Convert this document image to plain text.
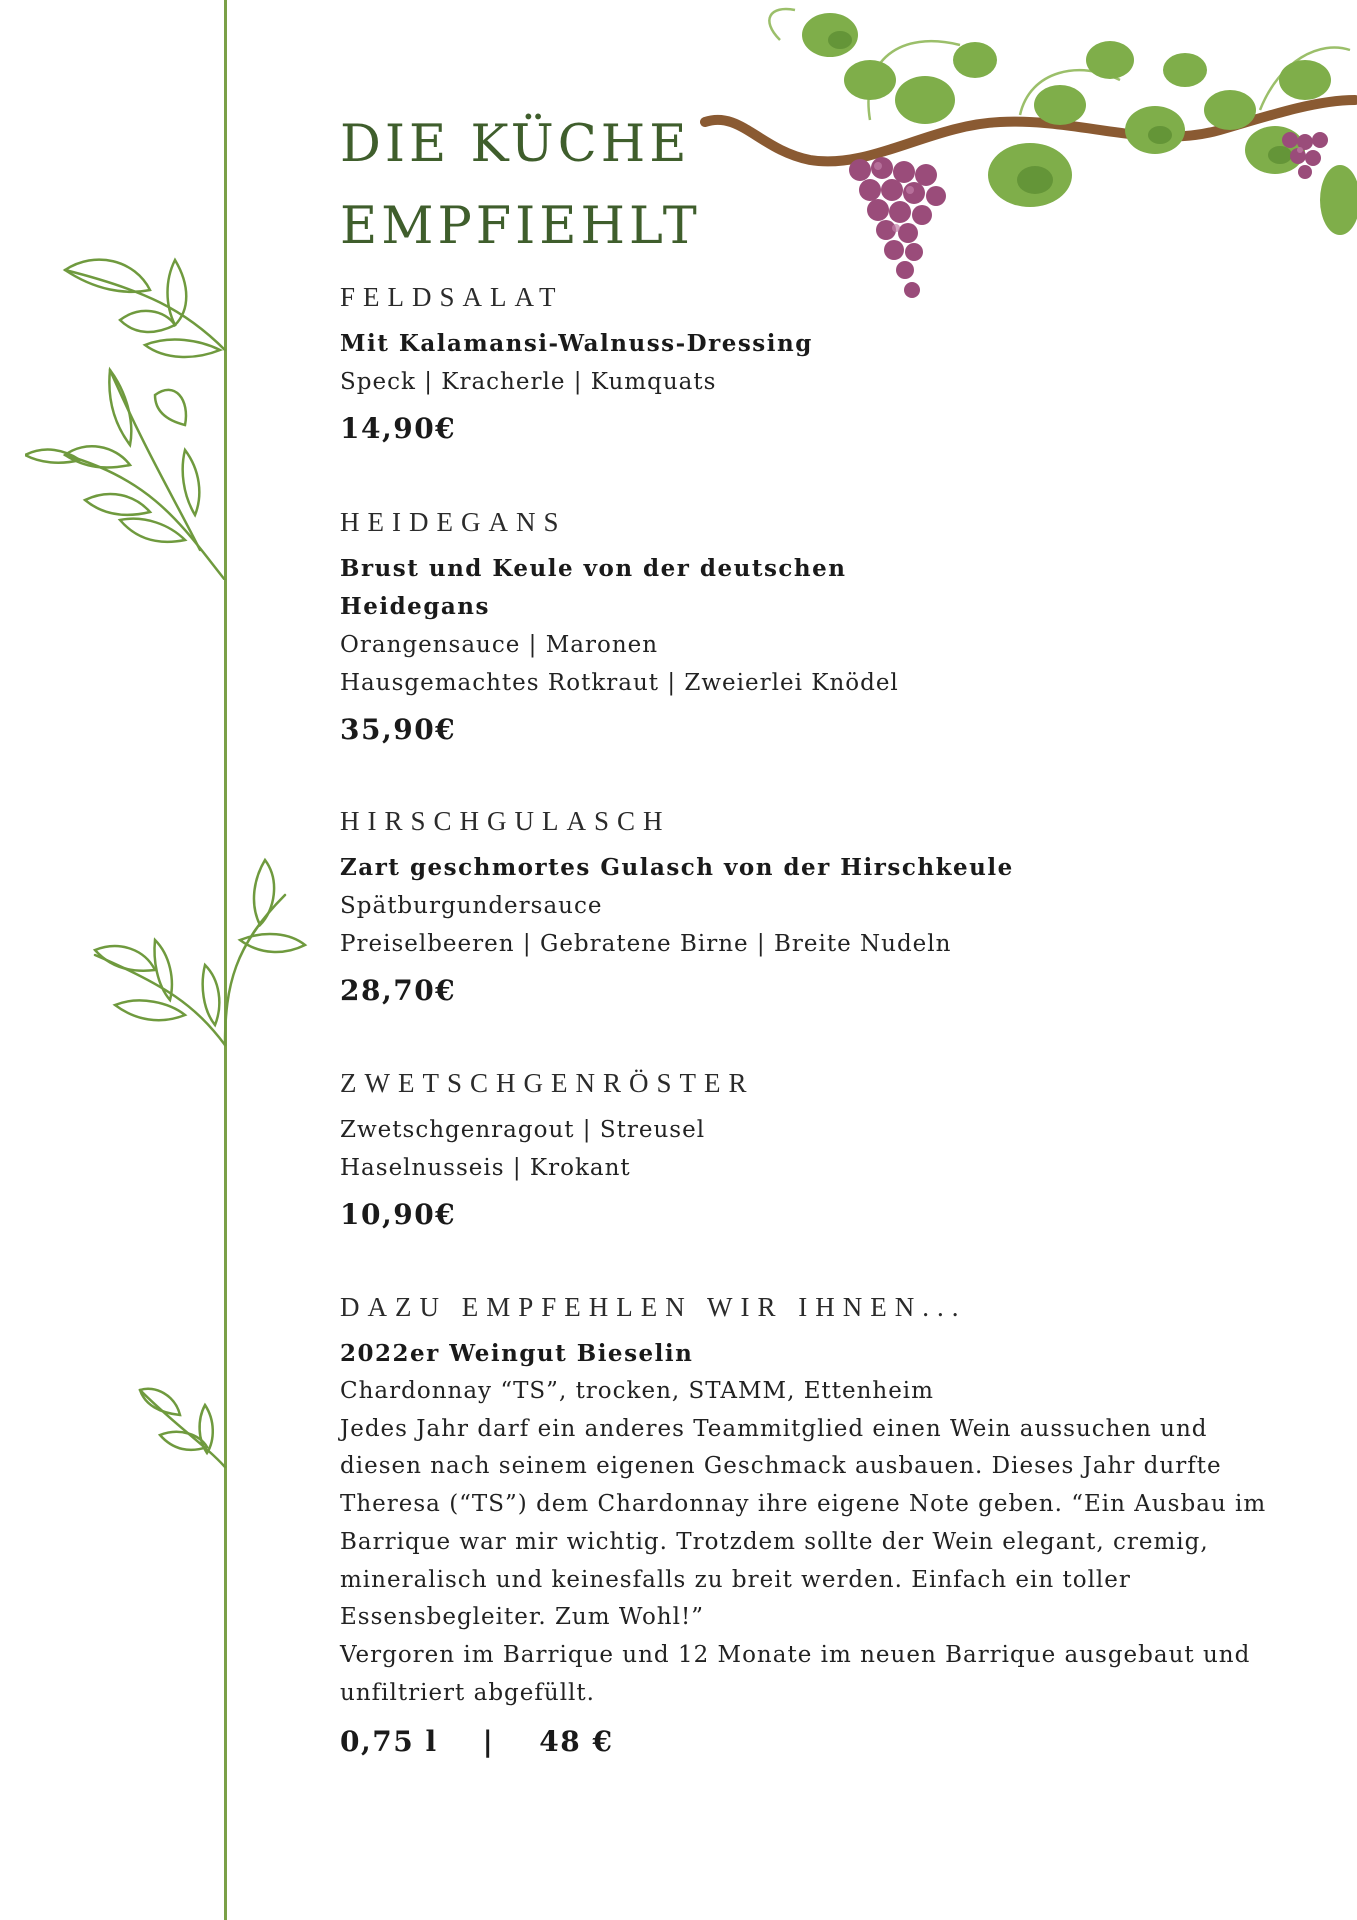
DIE KÜCHE
EMPFIEHLT
FELDSALAT
Mit Kalamansi-Walnuss-Dressing
Speck | Kracherle | Kumquats
14,90€
HEIDEGANS
Brust und Keule von der deutschen
Heidegans
Orangensauce | Maronen
Hausgemachtes Rotkraut | Zweierlei Knödel
35,90€
HIRSCHGULASCH
Zart geschmortes Gulasch von der Hirschkeule
Spätburgundersauce
Preiselbeeren | Gebratene Birne | Breite Nudeln
28,70€
ZWETSCHGENRÖSTER
Zwetschgenragout | Streusel
Haselnusseis | Krokant
10,90€
DAZU EMPFEHLEN WIR IHNEN...
2022er Weingut Bieselin
Chardonnay “TS”, trocken, STAMM, Ettenheim
Jedes Jahr darf ein anderes Teammitglied einen Wein aussuchen und
diesen nach seinem eigenen Geschmack ausbauen. Dieses Jahr durfte
Theresa (“TS”) dem Chardonnay ihre eigene Note geben. “Ein Ausbau im
Barrique war mir wichtig. Trotzdem sollte der Wein elegant, cremig,
mineralisch und keinesfalls zu breit werden. Einfach ein toller
Essensbegleiter. Zum Wohl!”
Vergoren im Barrique und 12 Monate im neuen Barrique ausgebaut und
unfiltriert abgefüllt.
0,75 l    |    48 €
